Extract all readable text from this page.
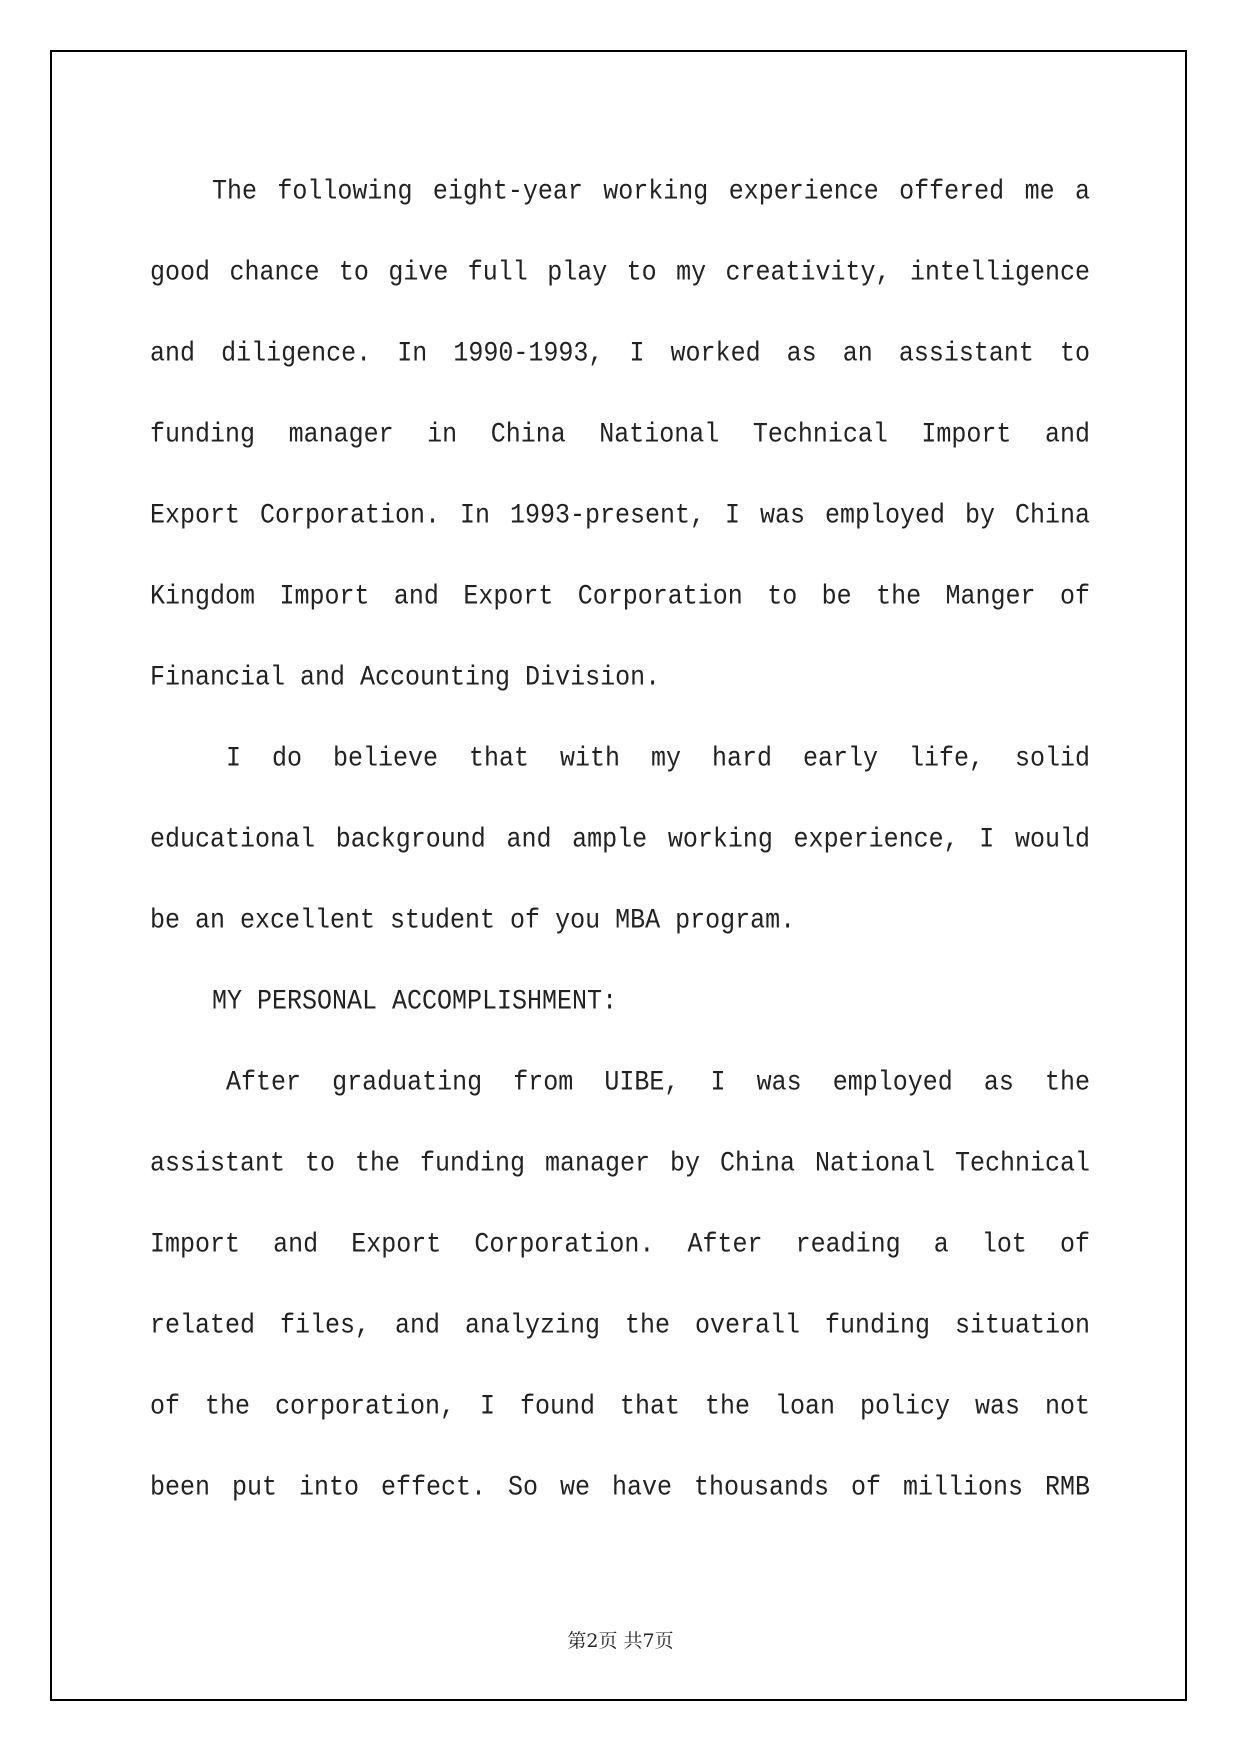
The following eight-year working experience offered me a
good chance to give full play to my creativity, intelligence
and diligence. In 1990-1993, I worked as an assistant to
funding manager in China National Technical Import and
Export Corporation. In 1993-present, I was employed by China
Kingdom Import and Export Corporation to be the Manger of
Financial and Accounting Division.
I do believe that with my hard early life, solid
educational background and ample working experience, I would
be an excellent student of you MBA program.
MY PERSONAL ACCOMPLISHMENT:
After graduating from UIBE, I was employed as the
assistant to the funding manager by China National Technical
Import and Export Corporation. After reading a lot of
related files, and analyzing the overall funding situation
of the corporation, I found that the loan policy was not
been put into effect. So we have thousands of millions RMB
第2页 共7页
